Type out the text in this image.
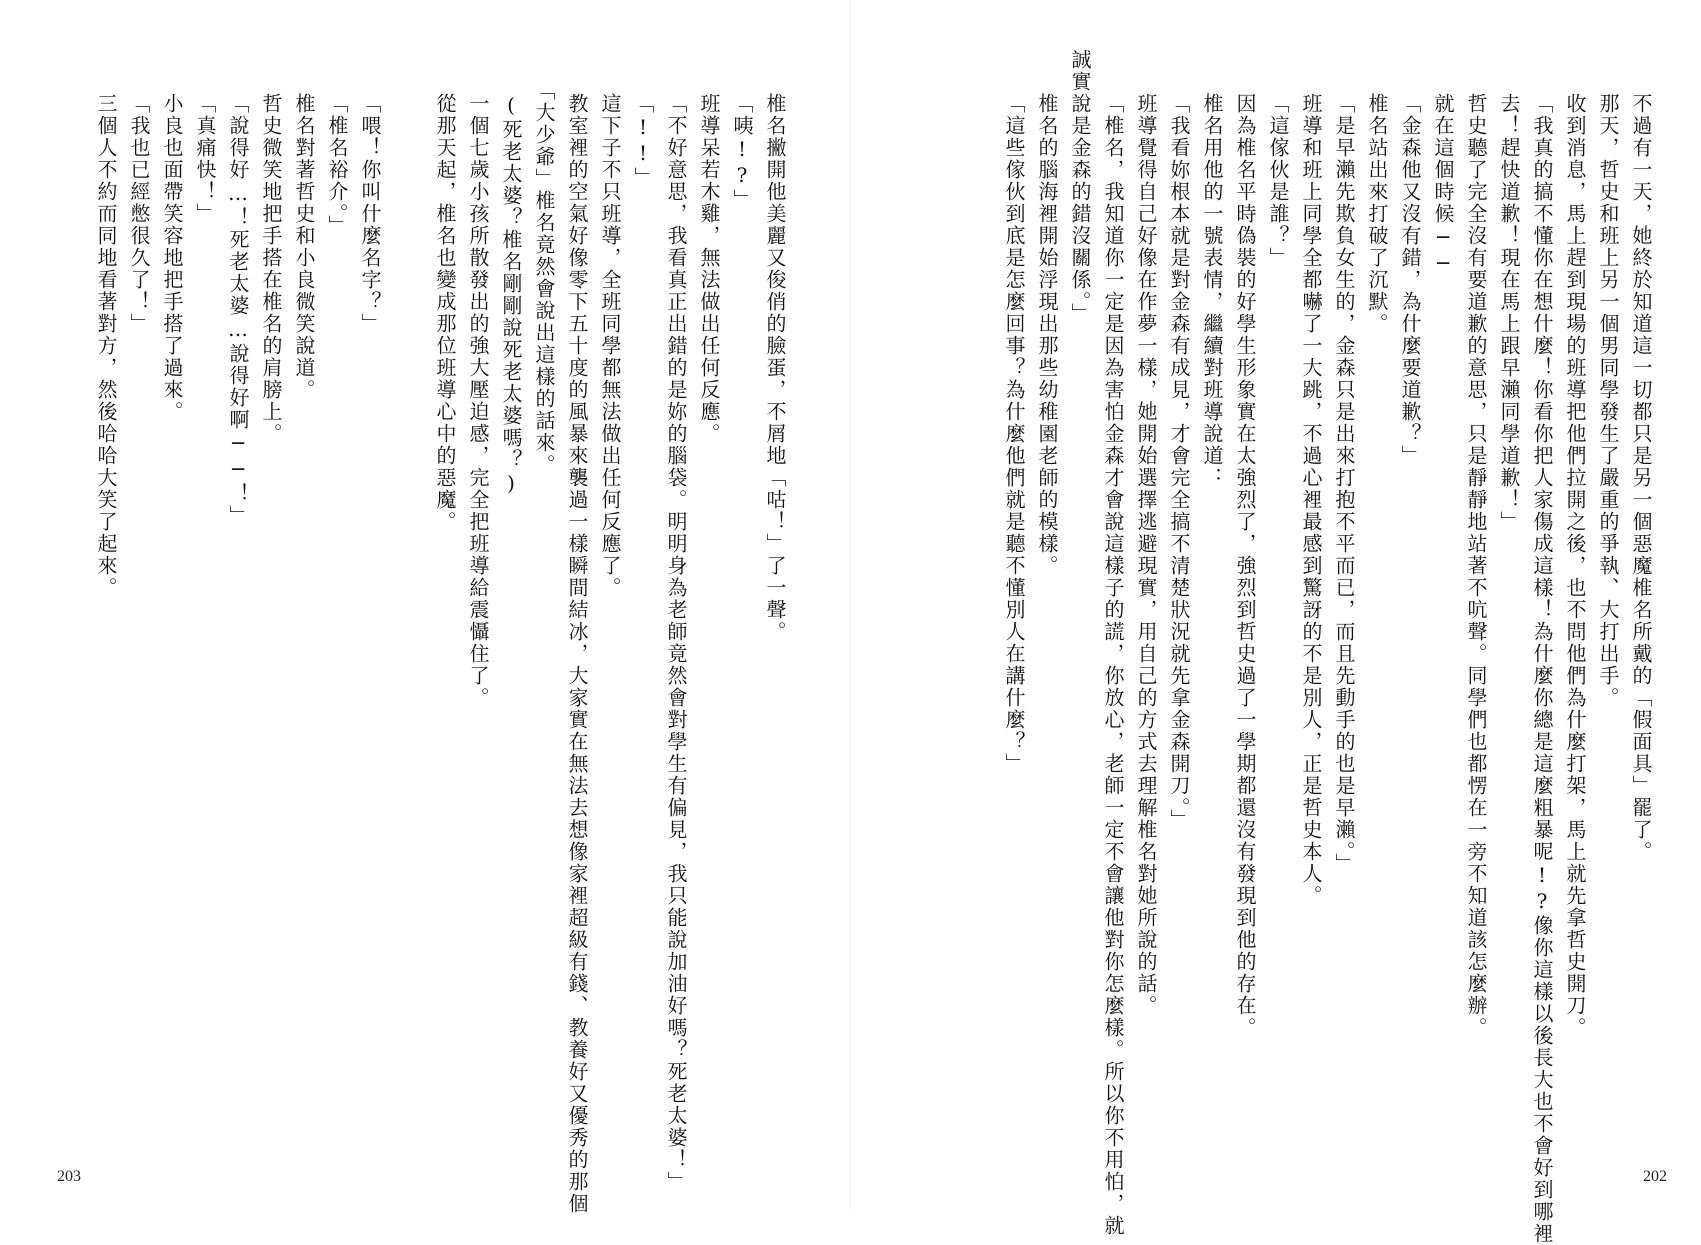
不過有一天，她終於知道這一切都只是另一個惡魔椎名所戴的「假面具」罷了。
那天，哲史和班上另一個男同學發生了嚴重的爭執、大打出手。
收到消息，馬上趕到現場的班導把他們拉開之後，也不問他們為什麼打架，馬上就先拿哲史開刀。
「我真的搞不懂你在想什麼！你看你把人家傷成這樣！為什麼你總是這麼粗暴呢!?像你這樣以後長大也不會好到哪裡
去！趕快道歉！現在馬上跟早瀨同學道歉！」
哲史聽了完全沒有要道歉的意思，只是靜靜地站著不吭聲。同學們也都愣在一旁不知道該怎麼辦。
就在這個時候──
「金森他又沒有錯，為什麼要道歉？」
椎名站出來打破了沉默。
「是早瀨先欺負女生的，金森只是出來打抱不平而已，而且先動手的也是早瀨。」
班導和班上同學全都嚇了一大跳，不過心裡最感到驚訝的不是別人，正是哲史本人。
「這傢伙是誰？」
因為椎名平時偽裝的好學生形象實在太強烈了，強烈到哲史過了一學期都還沒有發現到他的存在。
椎名用他的一號表情，繼續對班導說道：
「我看妳根本就是對金森有成見，才會完全搞不清楚狀況就先拿金森開刀。」
班導覺得自己好像在作夢一樣，她開始選擇逃避現實，用自己的方式去理解椎名對她所說的話。
「椎名，我知道你一定是因為害怕金森才會說這樣子的謊，你放心，老師一定不會讓他對你怎麼樣。所以你不用怕，就
誠實說是金森的錯沒關係。」
椎名的腦海裡開始浮現出那些幼稚園老師的模樣。
「這些傢伙到底是怎麼回事？為什麼他們就是聽不懂別人在講什麼？」
202
椎名撇開他美麗又俊俏的臉蛋，不屑地「咕！」了一聲。
「咦!?」
班導呆若木雞，無法做出任何反應。
「不好意思，我看真正出錯的是妳的腦袋。明明身為老師竟然會對學生有偏見，我只能說加油好嗎？死老太婆！」
「!!」
這下子不只班導，全班同學都無法做出任何反應了。
教室裡的空氣好像零下五十度的風暴來襲過一樣瞬間結冰，大家實在無法去想像家裡超級有錢、教養好又優秀的那個
「大少爺」椎名竟然會說出這樣的話來。
(死老太婆？椎名剛剛說死老太婆嗎？)
一個七歲小孩所散發出的強大壓迫感，完全把班導給震懾住了。
從那天起，椎名也變成那位班導心中的惡魔。
「喂！你叫什麼名字？」
「椎名裕介。」
椎名對著哲史和小良微笑說道。
哲史微笑地把手搭在椎名的肩膀上。
「說得好…！死老太婆…說得好啊──！」
「真痛快！」
小良也面帶笑容地把手搭了過來。
「我也已經憋很久了！」
三個人不約而同地看著對方，然後哈哈大笑了起來。
203
